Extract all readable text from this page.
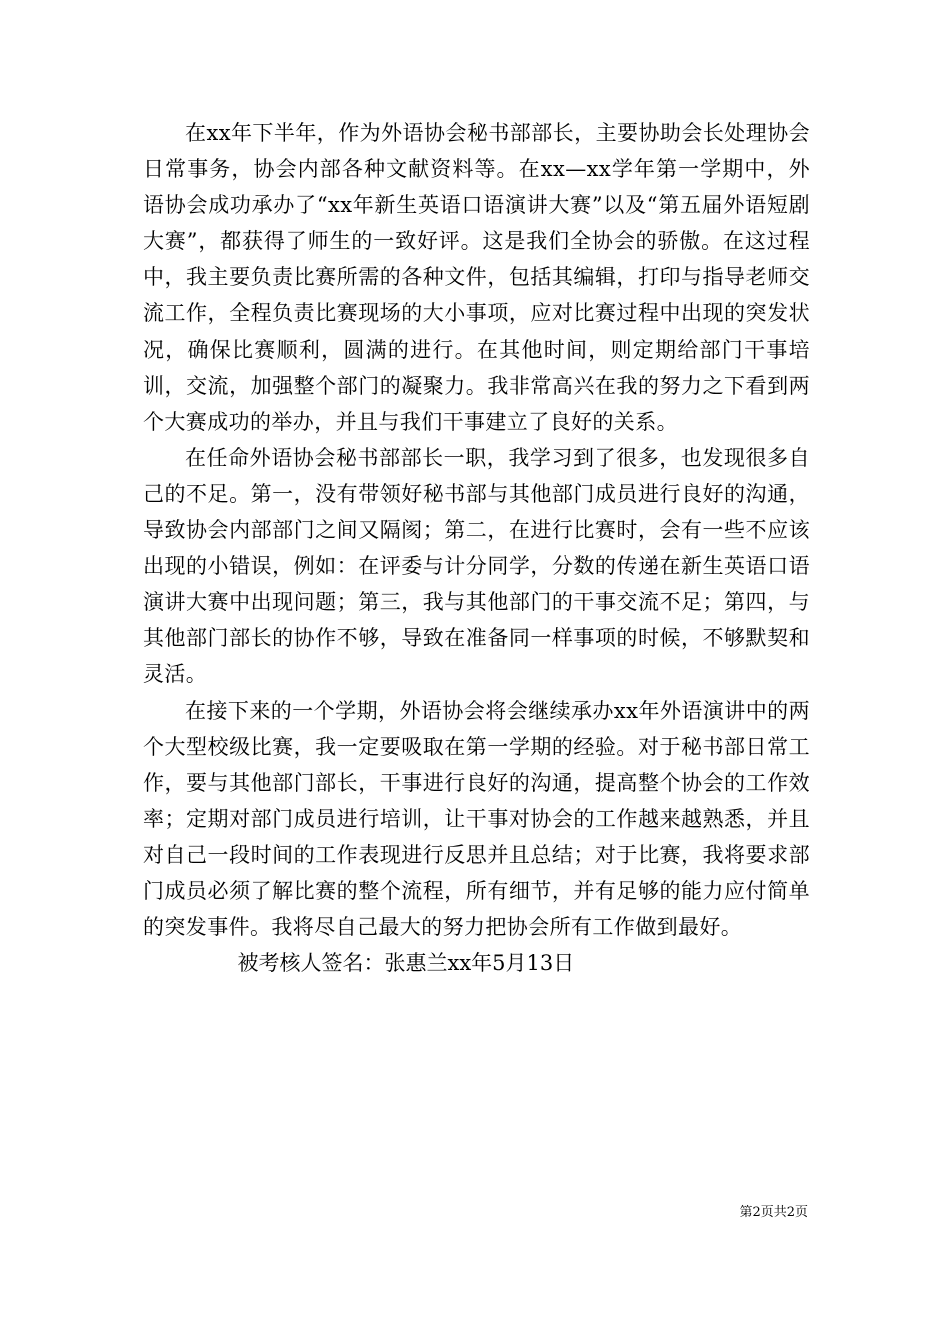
在xx年下半年，作为外语协会秘书部部长，主要协助会长处理协会日常事务，协会内部各种文献资料等。在xx—xx学年第一学期中，外语协会成功承办了“xx年新生英语口语演讲大赛”以及“第五届外语短剧大赛”，都获得了师生的一致好评。这是我们全协会的骄傲。在这过程中，我主要负责比赛所需的各种文件，包括其编辑，打印与指导老师交流工作，全程负责比赛现场的大小事项，应对比赛过程中出现的突发状况，确保比赛顺利，圆满的进行。在其他时间，则定期给部门干事培训，交流，加强整个部门的凝聚力。我非常高兴在我的努力之下看到两个大赛成功的举办，并且与我们干事建立了良好的关系。

在任命外语协会秘书部部长一职，我学习到了很多，也发现很多自己的不足。第一，没有带领好秘书部与其他部门成员进行良好的沟通，导致协会内部部门之间又隔阂；第二，在进行比赛时，会有一些不应该出现的小错误，例如：在评委与计分同学，分数的传递在新生英语口语演讲大赛中出现问题；第三，我与其他部门的干事交流不足；第四，与其他部门部长的协作不够，导致在准备同一样事项的时候，不够默契和灵活。

在接下来的一个学期，外语协会将会继续承办xx年外语演讲中的两个大型校级比赛，我一定要吸取在第一学期的经验。对于秘书部日常工作，要与其他部门部长，干事进行良好的沟通，提高整个协会的工作效率；定期对部门成员进行培训，让干事对协会的工作越来越熟悉，并且对自己一段时间的工作表现进行反思并且总结；对于比赛，我将要求部门成员必须了解比赛的整个流程，所有细节，并有足够的能力应付简单的突发事件。我将尽自己最大的努力把协会所有工作做到最好。

被考核人签名：张惠兰xx年5月13日

第2页共2页
